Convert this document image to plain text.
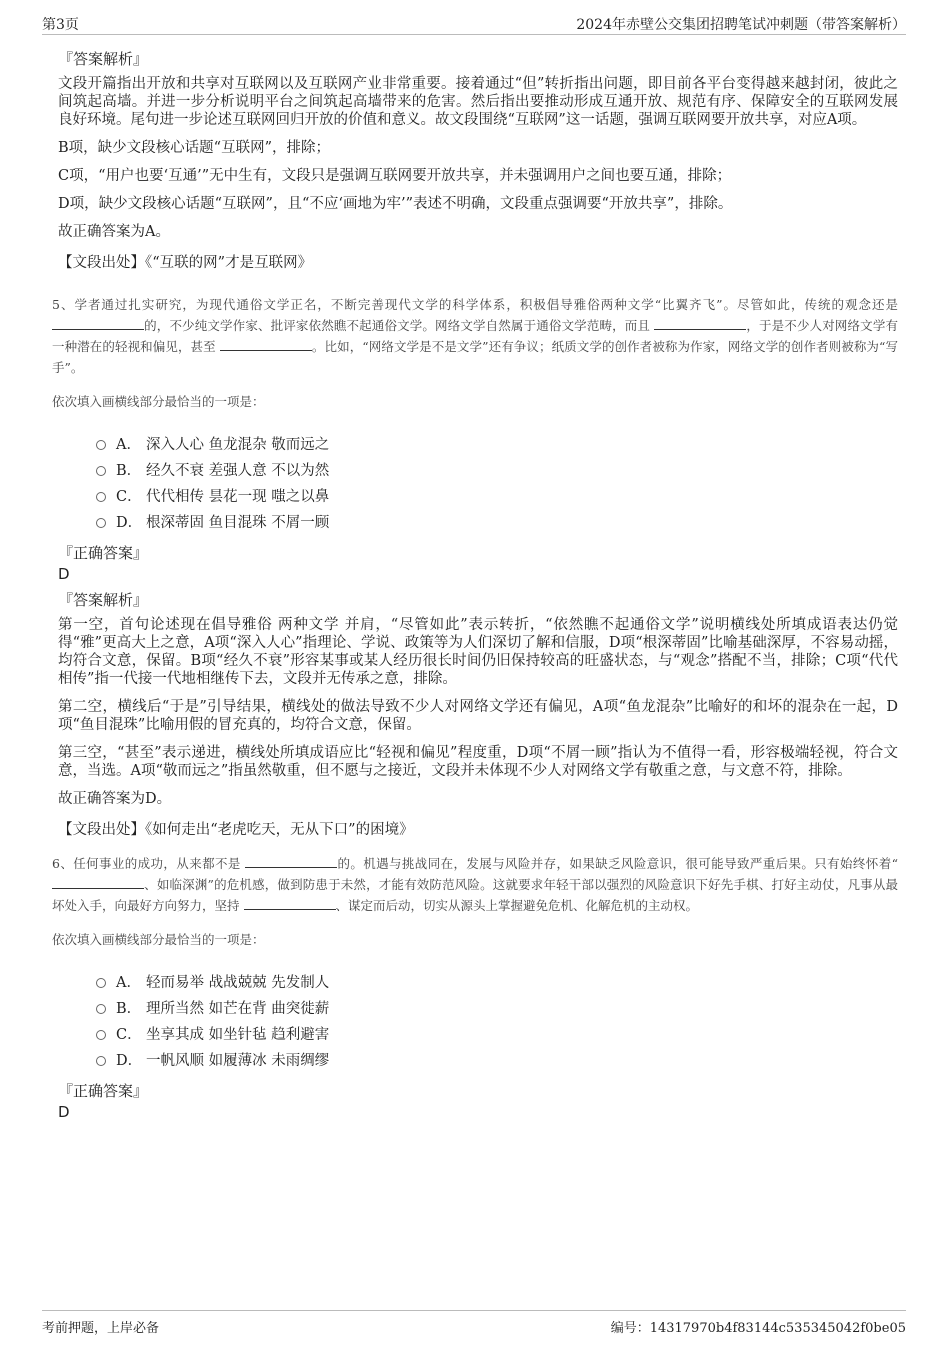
第3页	2024年赤壁公交集团招聘笔试冲刺题（带答案解析）
『答案解析』

文段开篇指出开放和共享对互联网以及互联网产业非常重要。接着通过“但”转折指出问题，即目前各平台变得越来越封闭，彼此之间筑起高墙。并进一步分析说明平台之间筑起高墙带来的危害。然后指出要推动形成互通开放、规范有序、保障安全的互联网发展良好环境。尾句进一步论述互联网回归开放的价值和意义。故文段围绕“互联网”这一话题，强调互联网要开放共享，对应A项。

B项，缺少文段核心话题“互联网”，排除；

C项，“用户也要‘互通’”无中生有，文段只是强调互联网要开放共享，并未强调用户之间也要互通，排除；

D项，缺少文段核心话题“互联网”，且“不应‘画地为牢’”表述不明确，文段重点强调要“开放共享”，排除。

故正确答案为A。

【文段出处】《“互联的网”才是互联网》
5、学者通过扎实研究，为现代通俗文学正名，不断完善现代文学的科学体系，积极倡导雅俗两种文学“比翼齐飞”。尽管如此，传统的观念还是 的，不少纯文学作家、批评家依然瞧不起通俗文学。网络文学自然属于通俗文学范畴，而且	，于是不少人对网络文学有一种潜在的轻视和偏见，甚至	。比如，“网络文学是不是文学”还有争议；纸质文学的创作者被称为作家，网络文学的创作者则被称为“写手”。
依次填入画横线部分最恰当的一项是：
A． 深入人心 鱼龙混杂 敬而远之
B． 经久不衰 差强人意 不以为然
C． 代代相传 昙花一现 嗤之以鼻
D． 根深蒂固 鱼目混珠 不屑一顾
『正确答案』
D
『答案解析』

第一空，首句论述现在倡导雅俗 两种文学 并肩，“尽管如此”表示转折，“依然瞧不起通俗文学”说明横线处所填成语表达仍觉得“雅”更高大上之意，A项“深入人心”指理论、学说、政策等为人们深切了解和信服，D项“根深蒂固”比喻基础深厚，不容易动摇，均符合文意，保留。B项“经久不衰”形容某事或某人经历很长时间仍旧保持较高的旺盛状态，与“观念”搭配不当，排除；C项“代代相传”指一代接一代地相继传下去，文段并无传承之意，排除。

第二空，横线后“于是”引导结果，横线处的做法导致不少人对网络文学还有偏见，A项“鱼龙混杂”比喻好的和坏的混杂在一起，D项“鱼目混珠”比喻用假的冒充真的，均符合文意，保留。

第三空，“甚至”表示递进，横线处所填成语应比“轻视和偏见”程度重，D项“不屑一顾”指认为不值得一看，形容极端轻视，符合文意，当选。A项“敬而远之”指虽然敬重，但不愿与之接近，文段并未体现不少人对网络文学有敬重之意，与文意不符，排除。

故正确答案为D。

【文段出处】《如何走出“老虎吃天，无从下口”的困境》
6、任何事业的成功，从来都不是	的。机遇与挑战同在，发展与风险并存，如果缺乏风险意识，很可能导致严重后果。只有始终怀着“ 、如临深渊”的危机感，做到防患于未然，才能有效防范风险。这就要求年轻干部以强烈的风险意识下好先手棋、打好主动仗，凡事从最坏处入手，向最好方向努力，坚持	、谋定而后动，切实从源头上掌握避免危机、化解危机的主动权。
依次填入画横线部分最恰当的一项是：
A． 轻而易举 战战兢兢 先发制人
B． 理所当然 如芒在背 曲突徙薪
C． 坐享其成 如坐针毡 趋利避害
D． 一帆风顺 如履薄冰 未雨绸缪
『正确答案』
D
考前押题，上岸必备	编号：14317970b4f83144c535345042f0be05
